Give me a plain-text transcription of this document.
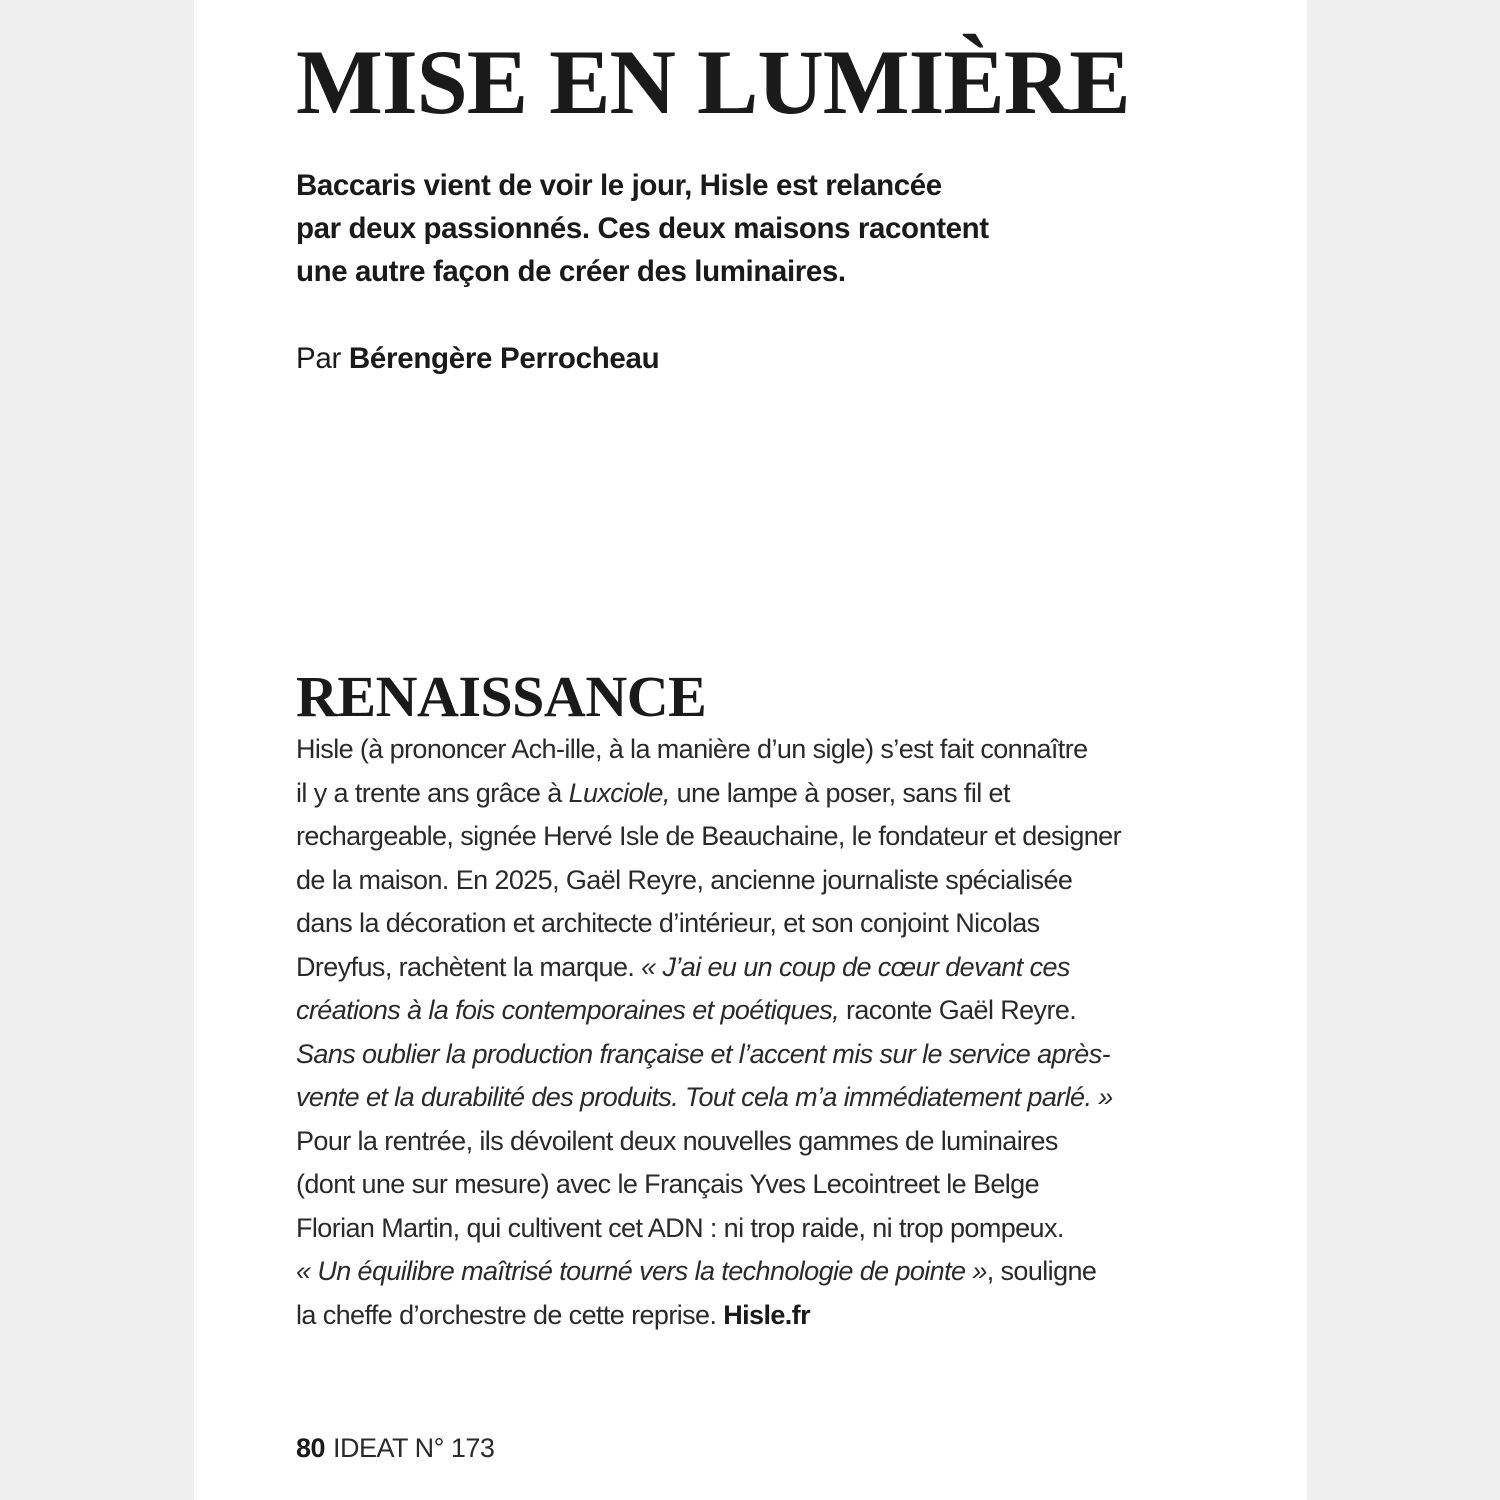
MISE EN LUMIÈRE

Baccaris vient de voir le jour, Hisle est relancée
par deux passionnés. Ces deux maisons racontent
une autre façon de créer des luminaires.

Par Bérengère Perrocheau

RENAISSANCE

Hisle (à prononcer Ach-ille, à la manière d’un sigle) s’est fait connaître
il y a trente ans grâce à Luxciole, une lampe à poser, sans fil et
rechargeable, signée Hervé Isle de Beauchaine, le fondateur et designer
de la maison. En 2025, Gaël Reyre, ancienne journaliste spécialisée
dans la décoration et architecte d’intérieur, et son conjoint Nicolas
Dreyfus, rachètent la marque. « J’ai eu un coup de cœur devant ces
créations à la fois contemporaines et poétiques, raconte Gaël Reyre.
Sans oublier la production française et l’accent mis sur le service après-
vente et la durabilité des produits. Tout cela m’a immédiatement parlé. »
Pour la rentrée, ils dévoilent deux nouvelles gammes de luminaires
(dont une sur mesure) avec le Français Yves Lecointreet le Belge
Florian Martin, qui cultivent cet ADN : ni trop raide, ni trop pompeux.
« Un équilibre maîtrisé tourné vers la technologie de pointe », souligne
la cheffe d’orchestre de cette reprise. Hisle.fr

80 IDEAT N° 173
